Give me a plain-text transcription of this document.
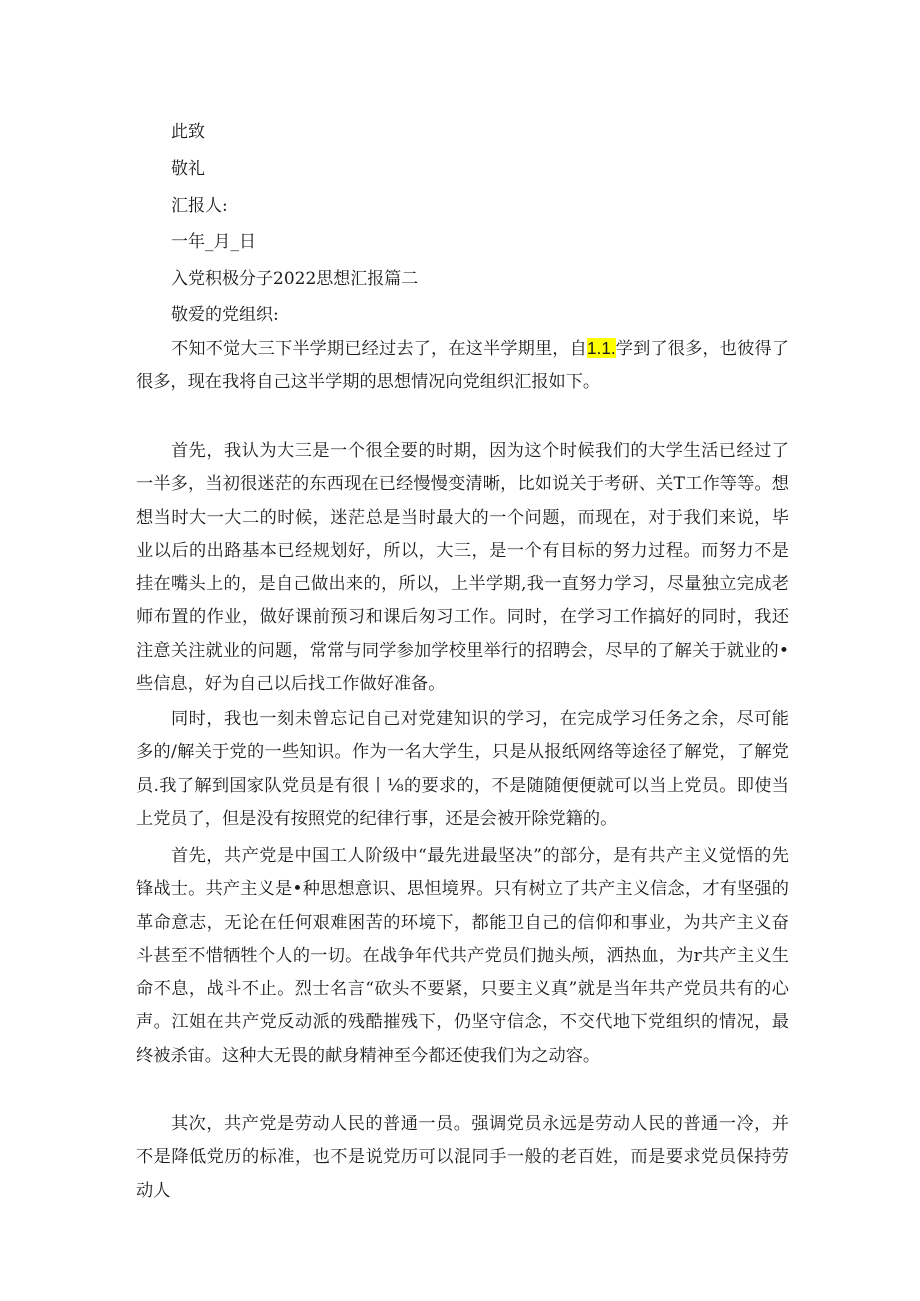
此致
敬礼
汇报人:
一年_月_日
入党积极分子2022思想汇报篇二
敬爱的党组织:

不知不觉大三下半学期已经过去了，在这半学期里，自1.1.学到了很多，也彼得了很多，现在我将自己这半学期的思想情况向党组织汇报如下。

首先，我认为大三是一个很全要的时期，因为这个时候我们的大学生活已经过了一半多，当初很迷茫的东西现在已经慢慢变清晰，比如说关于考研、关T工作等等。想想当时大一大二的时候，迷茫总是当时最大的一个问题，而现在，对于我们来说，毕业以后的出路基本已经规划好，所以，大三，是一个有目标的努力过程。而努力不是挂在嘴头上的，是自己做出来的，所以，上半学期,我一直努力学习，尽量独立完成老师布置的作业，做好课前预习和课后匆习工作。同时，在学习工作搞好的同时，我还注意关注就业的问题，常常与同学参加学校里举行的招聘会，尽早的了解关于就业的•些信息，好为自己以后找工作做好准备。

同时，我也一刻未曾忘记自己对党建知识的学习，在完成学习任务之余，尽可能多的/解关于党的一些知识。作为一名大学生，只是从报纸网络等途径了解党，了解党员.我了解到国家队党员是有很丨⅛的要求的，不是随随便便就可以当上党员。即使当上党员了，但是没有按照党的纪律行事，还是会被开除党籍的。

首先，共产党是中国工人阶级中“最先进最坚决”的部分，是有共产主义觉悟的先锋战士。共产主义是•种思想意识、思怛境界。只有树立了共产主义信念，才有坚强的革命意志，无论在任何艰难困苦的环境下，都能卫自己的信仰和事业，为共产主义奋斗甚至不惜牺牲个人的一切。在战争年代共产党员们抛头颅，洒热血，为r共产主义生命不息，战斗不止。烈士名言“砍头不要紧，只要主义真”就是当年共产党员共有的心声。江姐在共产党反动派的残酷摧残下，仍坚守信念，不交代地下党组织的情况，最终被杀宙。这种大无畏的献身精神至今都还使我们为之动容。

其次，共产党是劳动人民的普通一员。强调党员永远是劳动人民的普通一冷，并不是降低党历的标准，也不是说党历可以混同手一般的老百姓，而是要求党员保持劳动人
